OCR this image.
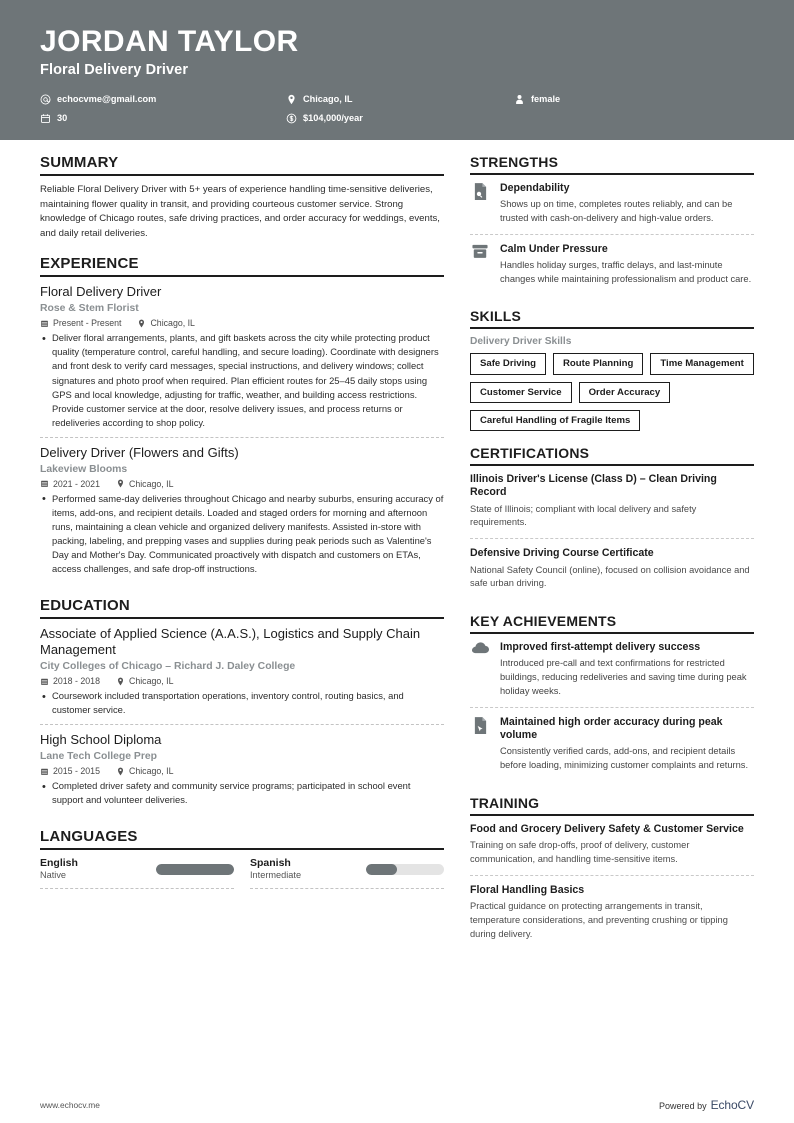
JORDAN TAYLOR
Floral Delivery Driver
echocvme@gmail.com	Chicago, IL	female
30	$104,000/year
SUMMARY
Reliable Floral Delivery Driver with 5+ years of experience handling time-sensitive deliveries, maintaining flower quality in transit, and providing courteous customer service. Strong knowledge of Chicago routes, safe driving practices, and order accuracy for weddings, events, and daily retail deliveries.
EXPERIENCE
Floral Delivery Driver
Rose & Stem Florist
Present - Present	Chicago, IL
• Deliver floral arrangements, plants, and gift baskets across the city while protecting product quality (temperature control, careful handling, and secure loading). Coordinate with designers and front desk to verify card messages, special instructions, and delivery windows; collect signatures and photo proof when required. Plan efficient routes for 25–45 daily stops using GPS and local knowledge, adjusting for traffic, weather, and building access restrictions. Provide customer service at the door, resolve delivery issues, and process returns or redeliveries according to shop policy.
Delivery Driver (Flowers and Gifts)
Lakeview Blooms
2021 - 2021	Chicago, IL
• Performed same-day deliveries throughout Chicago and nearby suburbs, ensuring accuracy of items, add-ons, and recipient details. Loaded and staged orders for morning and afternoon runs, maintaining a clean vehicle and organized delivery manifests. Assisted in-store with packing, labeling, and prepping vases and supplies during peak periods such as Valentine's Day and Mother's Day. Communicated proactively with dispatch and customers on ETAs, access challenges, and safe drop-off instructions.
EDUCATION
Associate of Applied Science (A.A.S.), Logistics and Supply Chain Management
City Colleges of Chicago – Richard J. Daley College
2018 - 2018	Chicago, IL
• Coursework included transportation operations, inventory control, routing basics, and customer service.
High School Diploma
Lane Tech College Prep
2015 - 2015	Chicago, IL
• Completed driver safety and community service programs; participated in school event support and volunteer deliveries.
LANGUAGES
English
Native
Spanish
Intermediate
STRENGTHS
Dependability
Shows up on time, completes routes reliably, and can be trusted with cash-on-delivery and high-value orders.
Calm Under Pressure
Handles holiday surges, traffic delays, and last-minute changes while maintaining professionalism and product care.
SKILLS
Delivery Driver Skills
Safe Driving	Route Planning	Time Management
Customer Service	Order Accuracy
Careful Handling of Fragile Items
CERTIFICATIONS
Illinois Driver's License (Class D) – Clean Driving Record
State of Illinois; compliant with local delivery and safety requirements.
Defensive Driving Course Certificate
National Safety Council (online), focused on collision avoidance and safe urban driving.
KEY ACHIEVEMENTS
Improved first-attempt delivery success
Introduced pre-call and text confirmations for restricted buildings, reducing redeliveries and saving time during peak holiday weeks.
Maintained high order accuracy during peak volume
Consistently verified cards, add-ons, and recipient details before loading, minimizing customer complaints and returns.
TRAINING
Food and Grocery Delivery Safety & Customer Service
Training on safe drop-offs, proof of delivery, customer communication, and handling time-sensitive items.
Floral Handling Basics
Practical guidance on protecting arrangements in transit, temperature considerations, and preventing crushing or tipping during delivery.
www.echocv.me	Powered by EchoCV
